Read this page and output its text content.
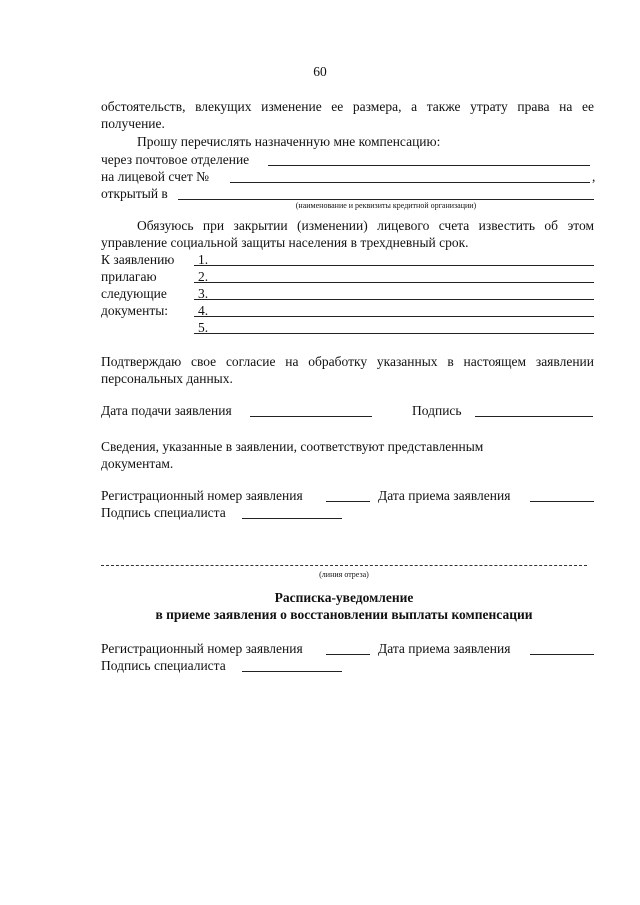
60
обстоятельств, влекущих изменение ее размера, а также утрату права на ее
получение.
Прошу перечислять назначенную мне компенсацию:
через почтовое отделение
на лицевой счет №	,
открытый в
(наименование и реквизиты кредитной организации)
Обязуюсь при закрытии (изменении) лицевого счета известить об этом
управление социальной защиты населения в трехдневный срок.
К заявлению
прилагаю
следующие
документы:
1.
2.
3.
4.
5.
Подтверждаю свое согласие на обработку указанных в настоящем заявлении
персональных данных.
Дата подачи заявления	Подпись
Сведения, указанные в заявлении, соответствуют представленным
документам.
Регистрационный номер заявления	Дата приема заявления
Подпись специалиста
(линия отреза)
Расписка-уведомление
в приеме заявления о восстановлении выплаты компенсации
Регистрационный номер заявления	Дата приема заявления
Подпись специалиста
